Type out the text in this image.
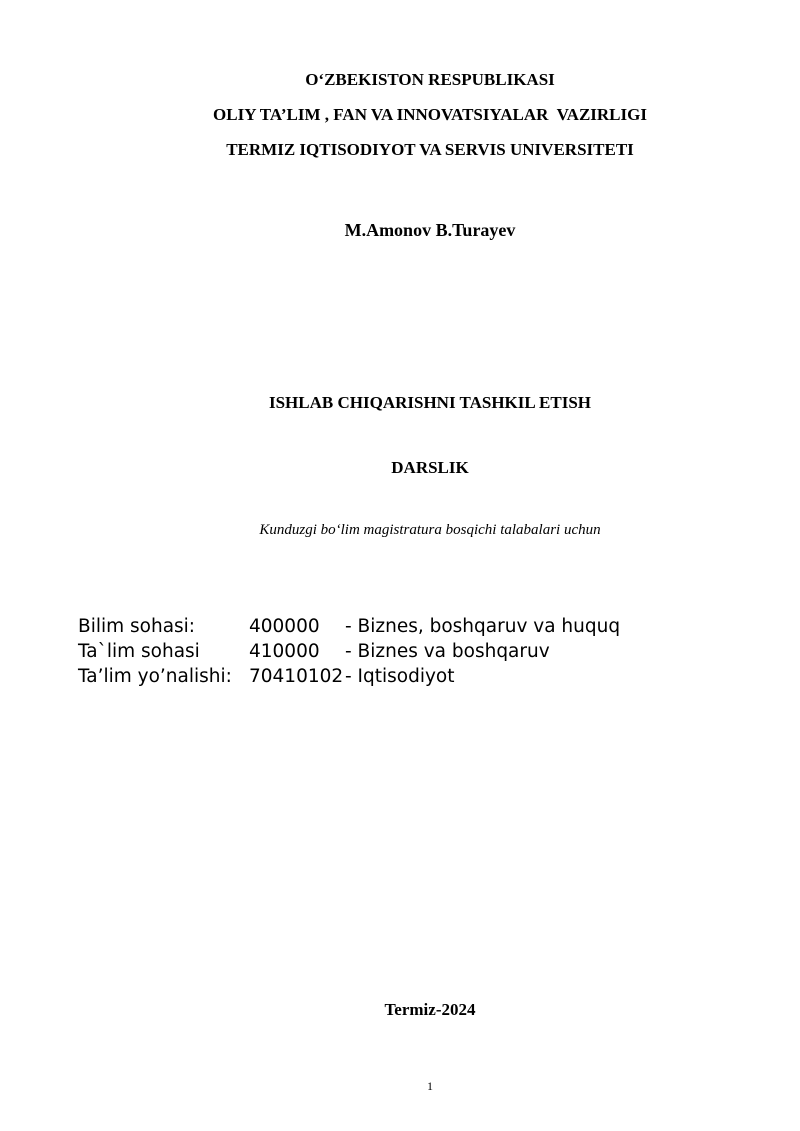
O‘ZBEKISTON RESPUBLIKASI
OLIY TA’LIM , FAN VA INNOVATSIYALAR  VAZIRLIGI
TERMIZ IQTISODIYOT VA SERVIS UNIVERSITETI
M.Amonov B.Turayev
ISHLAB CHIQARISHNI TASHKIL ETISH
DARSLIK
Kunduzgi bo‘lim magistratura bosqichi talabalari uchun
Bilim sohasi:	400000	- Biznes, boshqaruv va huquq
Ta`lim sohasi	410000	- Biznes va boshqaruv
Ta’lim yo’nalishi: 70410102 - Iqtisodiyot
Termiz-2024
1
